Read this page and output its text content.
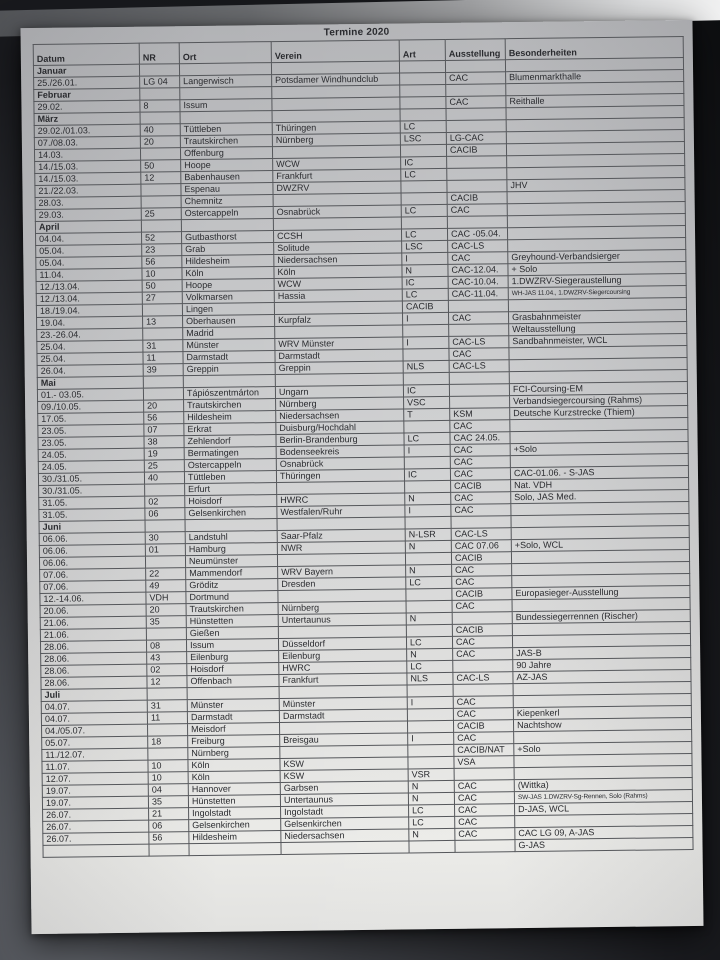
Termine 2020
Datum	NR	Ort	Verein	Art	Ausstellung	Besonderheiten
Januar						
25./26.01.	LG 04	Langerwisch	Potsdamer Windhundclub		CAC	Blumenmarkthalle
Februar						
29.02.	8	Issum			CAC	Reithalle
März						
29.02./01.03.	40	Tüttleben	Thüringen	LC		
07./08.03.	20	Trautskirchen	Nürnberg	LSC	LG-CAC	
14.03.		Offenburg			CACIB	
14./15.03.	50	Hoope	WCW	IC		
14./15.03.	12	Babenhausen	Frankfurt	LC		
21./22.03.		Espenau	DWZRV			JHV
28.03.		Chemnitz			CACIB	
29.03.	25	Ostercappeln	Osnabrück	LC	CAC	
April						
04.04.	52	Gutbasthorst	CCSH	LC	CAC -05.04.	
05.04.	23	Grab	Solitude	LSC	CAC-LS	
05.04.	56	Hildesheim	Niedersachsen	I	CAC	Greyhound-Verbandsierger
11.04.	10	Köln	Köln	N	CAC-12.04.	+ Solo
12./13.04.	50	Hoope	WCW	IC	CAC-10.04.	1.DWZRV-Siegeraustellung
12./13.04.	27	Volkmarsen	Hassia	LC	CAC-11.04.	WH-JAS 11.04., 1.DWZRV-Siegercoursing
18./19.04.		Lingen		CACIB		
19.04.	13	Oberhausen	Kurpfalz	I	CAC	Grasbahnmeister
23.-26.04.		Madrid				Weltausstellung
25.04.	31	Münster	WRV Münster	I	CAC-LS	Sandbahnmeister, WCL
25.04.	11	Darmstadt	Darmstadt		CAC	
26.04.	39	Greppin	Greppin	NLS	CAC-LS	
Mai						
01.- 03.05.		Tápiószentmárton	Ungarn	IC		FCI-Coursing-EM
09./10.05.	20	Trautskirchen	Nürnberg	VSC		Verbandsiegercoursing (Rahms)
17.05.	56	Hildesheim	Niedersachsen	T	KSM	Deutsche Kurzstrecke (Thiem)
23.05.	07	Erkrat	Duisburg/Hochdahl		CAC	
23.05.	38	Zehlendorf	Berlin-Brandenburg	LC	CAC 24.05.	
24.05.	19	Bermatingen	Bodenseekreis	I	CAC	+Solo
24.05.	25	Ostercappeln	Osnabrück		CAC	
30./31.05.	40	Tüttleben	Thüringen	IC	CAC	CAC-01.06. - S-JAS
30./31.05.		Erfurt			CACIB	Nat. VDH
31.05.	02	Hoisdorf	HWRC	N	CAC	Solo, JAS Med.
31.05.	06	Gelsenkirchen	Westfalen/Ruhr	I	CAC	
Juni						
06.06.	30	Landstuhl	Saar-Pfalz	N-LSR	CAC-LS	
06.06.	01	Hamburg	NWR	N	CAC 07.06	+Solo, WCL
06.06.		Neumünster			CACIB	
07.06.	22	Mammendorf	WRV Bayern	N	CAC	
07.06.	49	Gröditz	Dresden	LC	CAC	
12.-14.06.	VDH	Dortmund			CACIB	Europasieger-Ausstellung
20.06.	20	Trautskirchen	Nürnberg		CAC	
21.06.	35	Hünstetten	Untertaunus	N		Bundessiegerrennen (Rischer)
21.06.		Gießen			CACIB	
28.06.	08	Issum	Düsseldorf	LC	CAC	
28.06.	43	Eilenburg	Eilenburg	N	CAC	JAS-B
28.06.	02	Hoisdorf	HWRC	LC		90 Jahre
28.06.	12	Offenbach	Frankfurt	NLS	CAC-LS	AZ-JAS
Juli						
04.07.	31	Münster	Münster	I	CAC	
04.07.	11	Darmstadt	Darmstadt		CAC	Kiepenkerl
04./05.07.		Meisdorf			CACIB	Nachtshow
05.07.	18	Freiburg	Breisgau	I	CAC	
11./12.07.		Nürnberg			CACIB/NAT	+Solo
11.07.	10	Köln	KSW		VSA	
12.07.	10	Köln	KSW	VSR		
19.07.	04	Hannover	Garbsen	N	CAC	(Wittka)
19.07.	35	Hünstetten	Untertaunus	N	CAC	SW-JAS 1.DWZRV-Sg-Rennen, Solo (Rahms)
26.07.	21	Ingolstadt	Ingolstadt	LC	CAC	D-JAS, WCL
26.07.	06	Gelsenkirchen	Gelsenkirchen	LC	CAC	
26.07.	56	Hildesheim	Niedersachsen	N	CAC	CAC LG 09, A-JAS
						G-JAS
